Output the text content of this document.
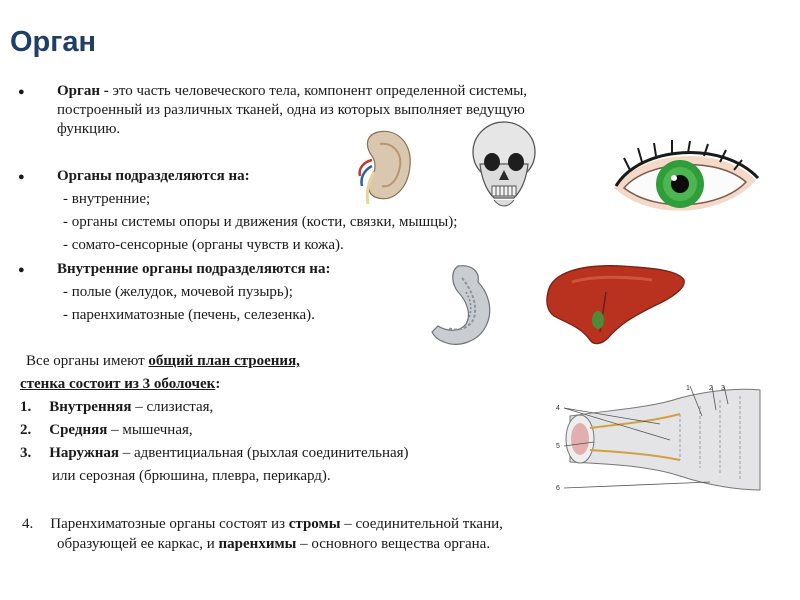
Орган
● Орган - это часть человеческого тела, компонент определенной системы,
построенный из различных тканей, одна из которых выполняет ведущую
функцию.
● Органы подразделяются на:
- внутренние;
- органы системы опоры и движения (кости, связки, мышцы);
- сомато-сенсорные (органы чувств и кожа).
● Внутренние органы подразделяются на:
- полые (желудок, мочевой пузырь);
- паренхиматозные (печень, селезенка).
Все органы имеют общий план строения,
стенка состоит из 3 оболочек:
1. Внутренняя – слизистая,
2. Средняя – мышечная,
3. Наружная – адвентициальная (рыхлая соединительная)
или серозная (брюшина, плевра, перикард).
4. Паренхиматозные органы состоят из стромы – соединительной ткани,
образующей ее каркас, и паренхимы – основного вещества органа.
1	2 3
4
5
6
